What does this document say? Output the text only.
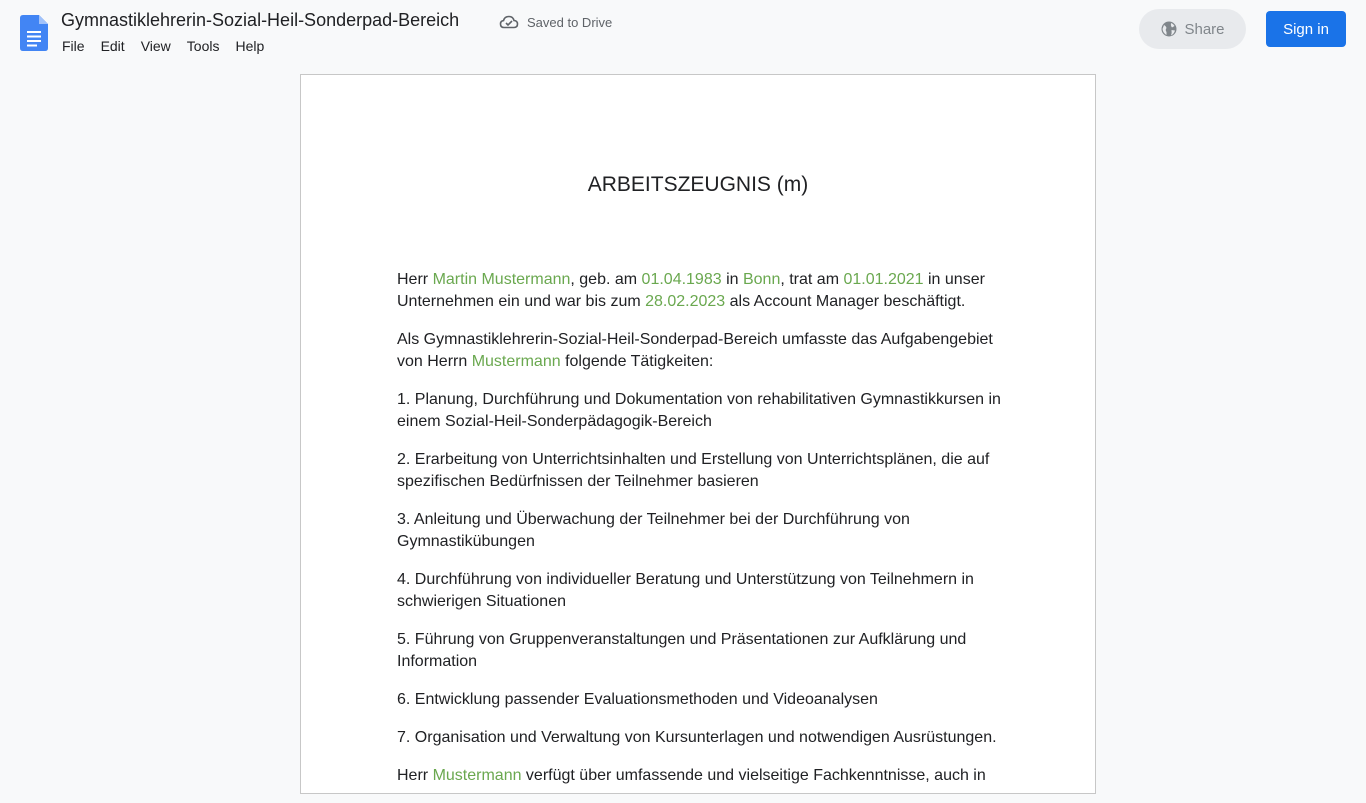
Gymnastiklehrerin-Sozial-Heil-Sonderpad-Bereich	Saved to Drive
File	Edit	View	Tools	Help
Share	Sign in
ARBEITSZEUGNIS (m)

Herr Martin Mustermann, geb. am 01.04.1983 in Bonn, trat am 01.01.2021 in unser Unternehmen ein und war bis zum 28.02.2023 als Account Manager beschäftigt.

Als Gymnastiklehrerin-Sozial-Heil-Sonderpad-Bereich umfasste das Aufgabengebiet von Herrn Mustermann folgende Tätigkeiten:

1. Planung, Durchführung und Dokumentation von rehabilitativen Gymnastikkursen in einem Sozial-Heil-Sonderpädagogik-Bereich

2. Erarbeitung von Unterrichtsinhalten und Erstellung von Unterrichtsplänen, die auf spezifischen Bedürfnissen der Teilnehmer basieren

3. Anleitung und Überwachung der Teilnehmer bei der Durchführung von Gymnastikübungen

4. Durchführung von individueller Beratung und Unterstützung von Teilnehmern in schwierigen Situationen

5. Führung von Gruppenveranstaltungen und Präsentationen zur Aufklärung und Information

6. Entwicklung passender Evaluationsmethoden und Videoanalysen

7. Organisation und Verwaltung von Kursunterlagen und notwendigen Ausrüstungen.

Herr Mustermann verfügt über umfassende und vielseitige Fachkenntnisse, auch in
